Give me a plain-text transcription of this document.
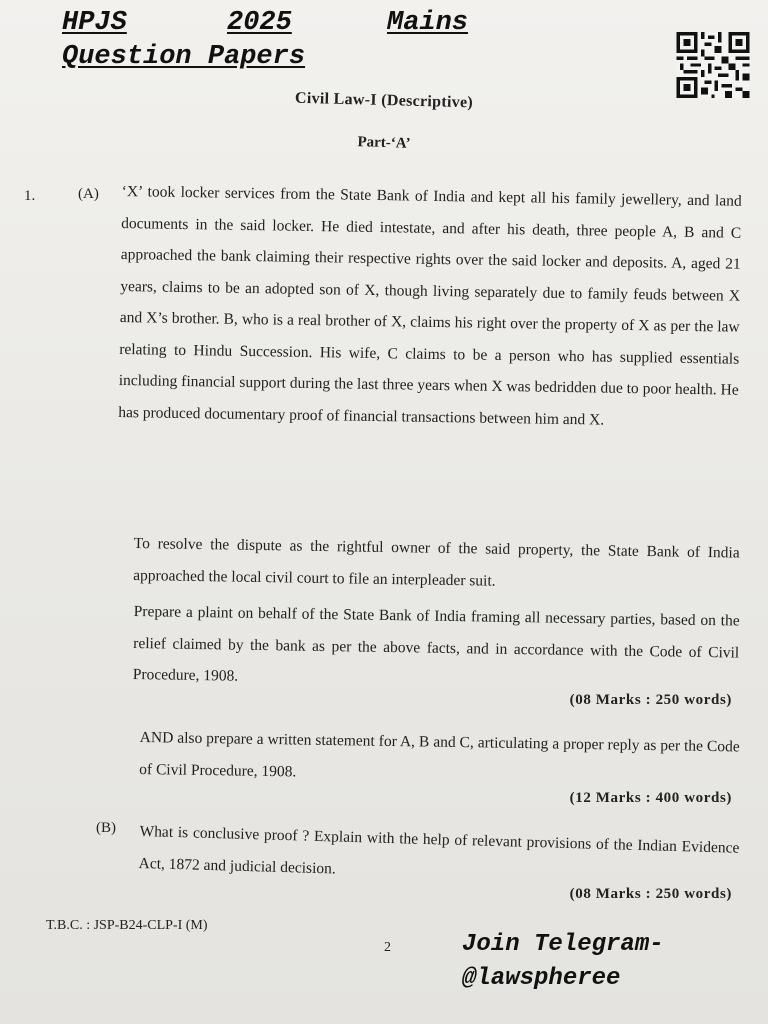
HPJS	2025	Mains
Question Papers
Civil Law-I (Descriptive)
Part-‘A’
1.	(A) ‘X’ took locker services from the State Bank of India and kept all his family jewellery, and land documents in the said locker. He died intestate, and after his death, three people A, B and C approached the bank claiming their respective rights over the said locker and deposits. A, aged 21 years, claims to be an adopted son of X, though living separately due to family feuds between X and X’s brother. B, who is a real brother of X, claims his right over the property of X as per the law relating to Hindu Succession. His wife, C claims to be a person who has supplied essentials including financial support during the last three years when X was bedridden due to poor health. He has produced documentary proof of financial transactions between him and X.
To resolve the dispute as the rightful owner of the said property, the State Bank of India approached the local civil court to file an interpleader suit.
Prepare a plaint on behalf of the State Bank of India framing all necessary parties, based on the relief claimed by the bank as per the above facts, and in accordance with the Code of Civil Procedure, 1908.
(08 Marks : 250 words)
AND also prepare a written statement for A, B and C, articulating a proper reply as per the Code of Civil Procedure, 1908.
(12 Marks : 400 words)
(B) What is conclusive proof ? Explain with the help of relevant provisions of the Indian Evidence Act, 1872 and judicial decision.
(08 Marks : 250 words)
T.B.C. : JSP-B24-CLP-I (M)
2	Join Telegram-
@lawspheree
